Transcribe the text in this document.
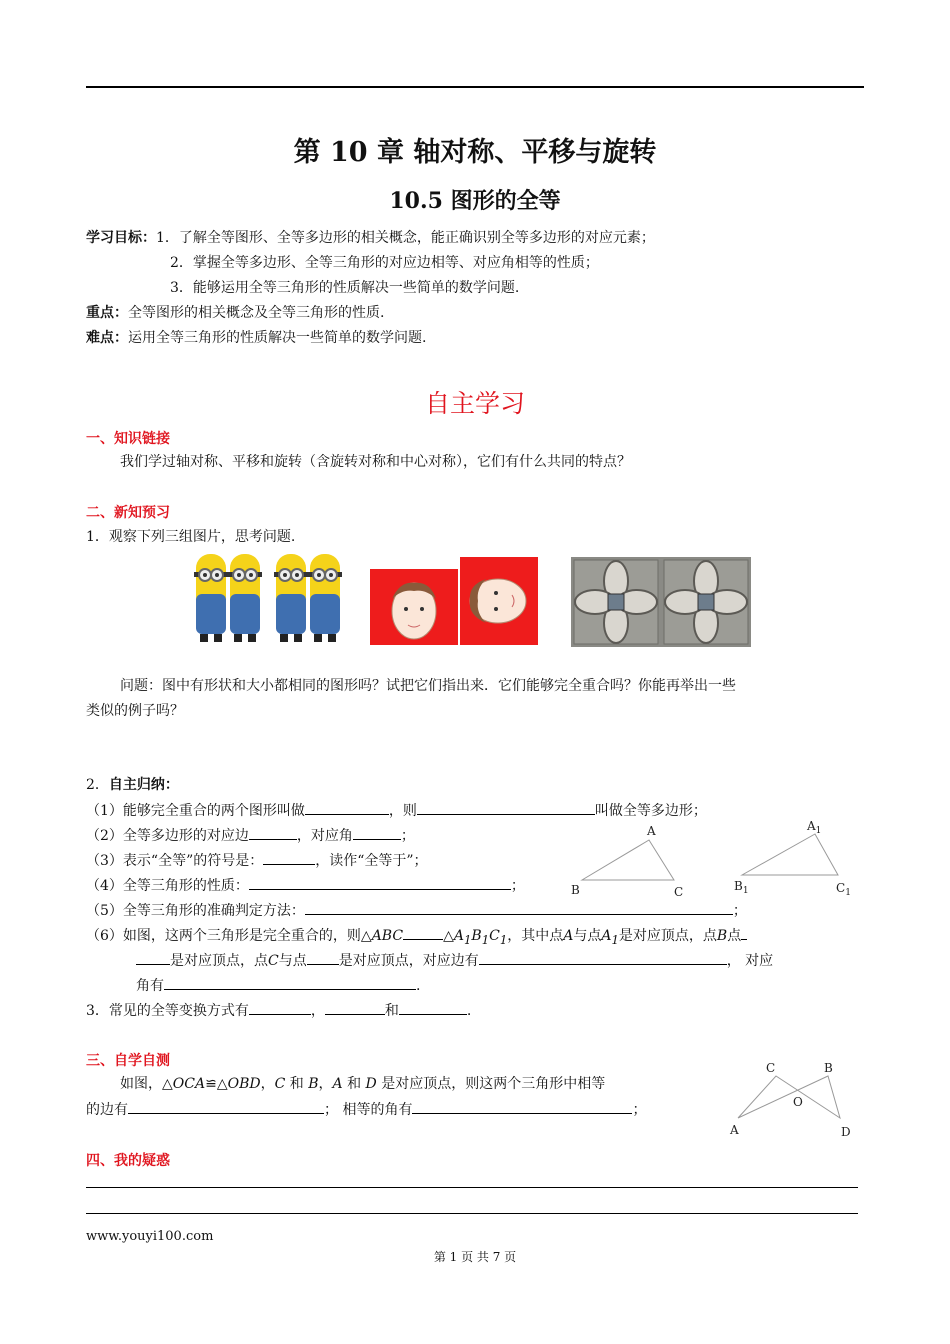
第 10 章 轴对称、平移与旋转
10.5 图形的全等
学习目标：1．了解全等图形、全等多边形的相关概念，能正确识别全等多边形的对应元素；
2．掌握全等多边形、全等三角形的对应边相等、对应角相等的性质；
3．能够运用全等三角形的性质解决一些简单的数学问题.
重点：全等图形的相关概念及全等三角形的性质.
难点：运用全等三角形的性质解决一些简单的数学问题.
自主学习
一、知识链接
我们学过轴对称、平移和旋转（含旋转对称和中心对称），它们有什么共同的特点？
二、新知预习
1．观察下列三组图片，思考问题.
问题：图中有形状和大小都相同的图形吗？试把它们指出来．它们能够完全重合吗？你能再举出一些
类似的例子吗？
2．自主归纳：
（1）能够完全重合的两个图形叫做	，则	叫做全等多边形；
（2）全等多边形的对应边	，对应角	；
（3）表示“全等”的符号是：	，读作“全等于”；
（4）全等三角形的性质：	；
（5）全等三角形的准确判定方法：	；
（6）如图，这两个三角形是完全重合的，则△ABC	$\triangle A_1B_1C_1$，其中点A与点$A_1$是对应顶点，点B点
是对应顶点，点C与点 是对应顶点，对应边有	， 对应
角有	.
A
B	C
$A_1$
$B_1$	$C_1$
3．常见的全等变换方式有	，	和	.
三、自学自测
如图，△OCA≌△OBD，C 和 B，A 和 D 是对应顶点，则这两个三角形中相等
的边有	； 相等的角有	；
C	B
O
A	D
四、我的疑惑
www.youyi100.com
第 1 页 共 7 页
